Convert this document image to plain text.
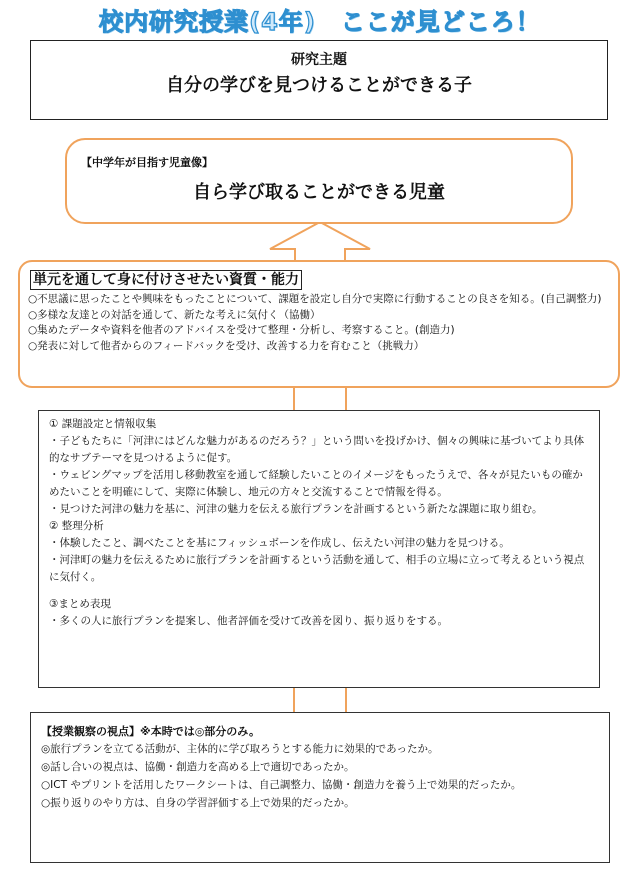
校内研究授業(4年)　ここが見どころ！
研究主題
自分の学びを見つけることができる子
【中学年が目指す児童像】
自ら学び取ることができる児童
単元を通して身に付けさせたい資質・能力
○不思議に思ったことや興味をもったことについて、課題を設定し自分で実際に行動することの良さを知る。(自己調整力)
○多様な友達との対話を通して、新たな考えに気付く（協働）
○集めたデータや資料を他者のアドバイスを受けて整理・分析し、考察すること。(創造力)
○発表に対して他者からのフィードバックを受け、改善する力を育むこと（挑戦力）

① 課題設定と情報収集

・子どもたちに「河津にはどんな魅力があるのだろう？」という問いを投げかけ、個々の興味に基づいてより具体的なサブテーマを見つけるように促す。

・ウェビングマップを活用し移動教室を通して経験したいことのイメージをもったうえで、各々が見たいもの確かめたいことを明確にして、実際に体験し、地元の方々と交流することで情報を得る。

・見つけた河津の魅力を基に、河津の魅力を伝える旅行プランを計画するという新たな課題に取り組む。

② 整理分析

・体験したこと、調べたことを基にフィッシュボーンを作成し、伝えたい河津の魅力を見つける。

・河津町の魅力を伝えるために旅行プランを計画するという活動を通して、相手の立場に立って考えるという視点に気付く。

③まとめ表現

・多くの人に旅行プランを提案し、他者評価を受けて改善を図り、振り返りをする。

【授業観察の視点】※本時では◎部分のみ。
◎旅行プランを立てる活動が、主体的に学び取ろうとする能力に効果的であったか。
◎話し合いの視点は、協働・創造力を高める上で適切であったか。
○ICT やプリントを活用したワークシートは、自己調整力、協働・創造力を養う上で効果的だったか。
○振り返りのやり方は、自身の学習評価する上で効果的だったか。
